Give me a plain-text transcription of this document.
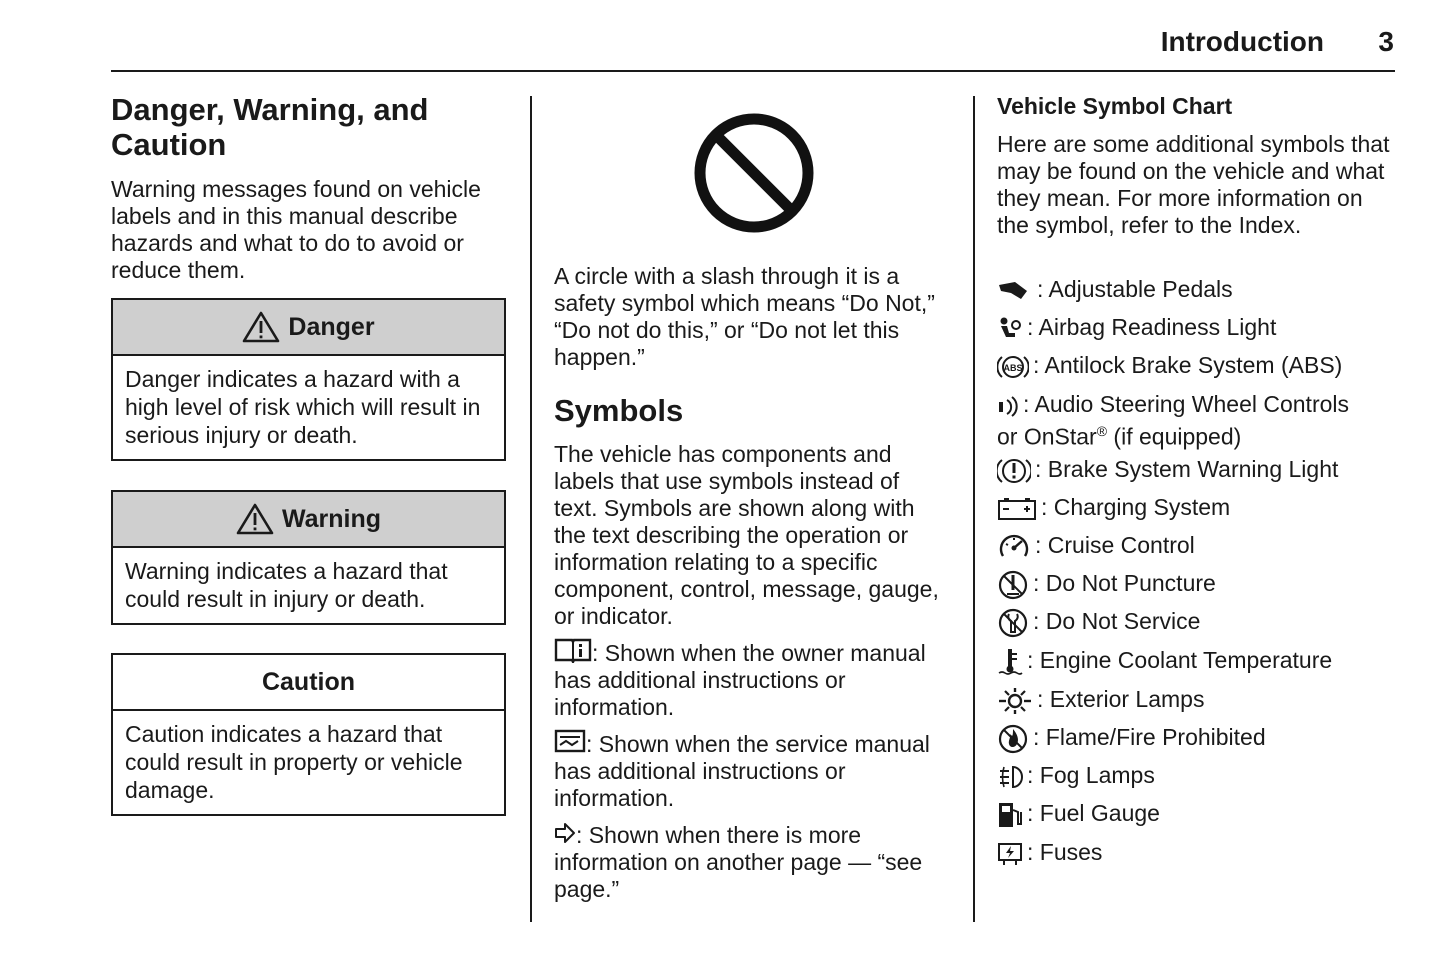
Introduction	3
Danger, Warning, and Caution
Warning messages found on vehicle labels and in this manual describe hazards and what to do to avoid or reduce them.
Danger
Danger indicates a hazard with a high level of risk which will result in serious injury or death.
Warning
Warning indicates a hazard that could result in injury or death.
Caution
Caution indicates a hazard that could result in property or vehicle damage.
A circle with a slash through it is a safety symbol which means “Do Not,” “Do not do this,” or “Do not let this happen.”
Symbols
The vehicle has components and labels that use symbols instead of text. Symbols are shown along with the text describing the operation or information relating to a specific component, control, message, gauge, or indicator.
: Shown when the owner manual has additional instructions or information.
: Shown when the service manual has additional instructions or information.
: Shown when there is more information on another page — “see page.”
Vehicle Symbol Chart
Here are some additional symbols that may be found on the vehicle and what they mean. For more information on the symbol, refer to the Index.
: Adjustable Pedals
: Airbag Readiness Light
ABS : Antilock Brake System (ABS)
: Audio Steering Wheel Controls
or OnStar® (if equipped)
: Brake System Warning Light
: Charging System
: Cruise Control
: Do Not Puncture
: Do Not Service
: Engine Coolant Temperature
: Exterior Lamps
: Flame/Fire Prohibited
: Fog Lamps
: Fuel Gauge
: Fuses
